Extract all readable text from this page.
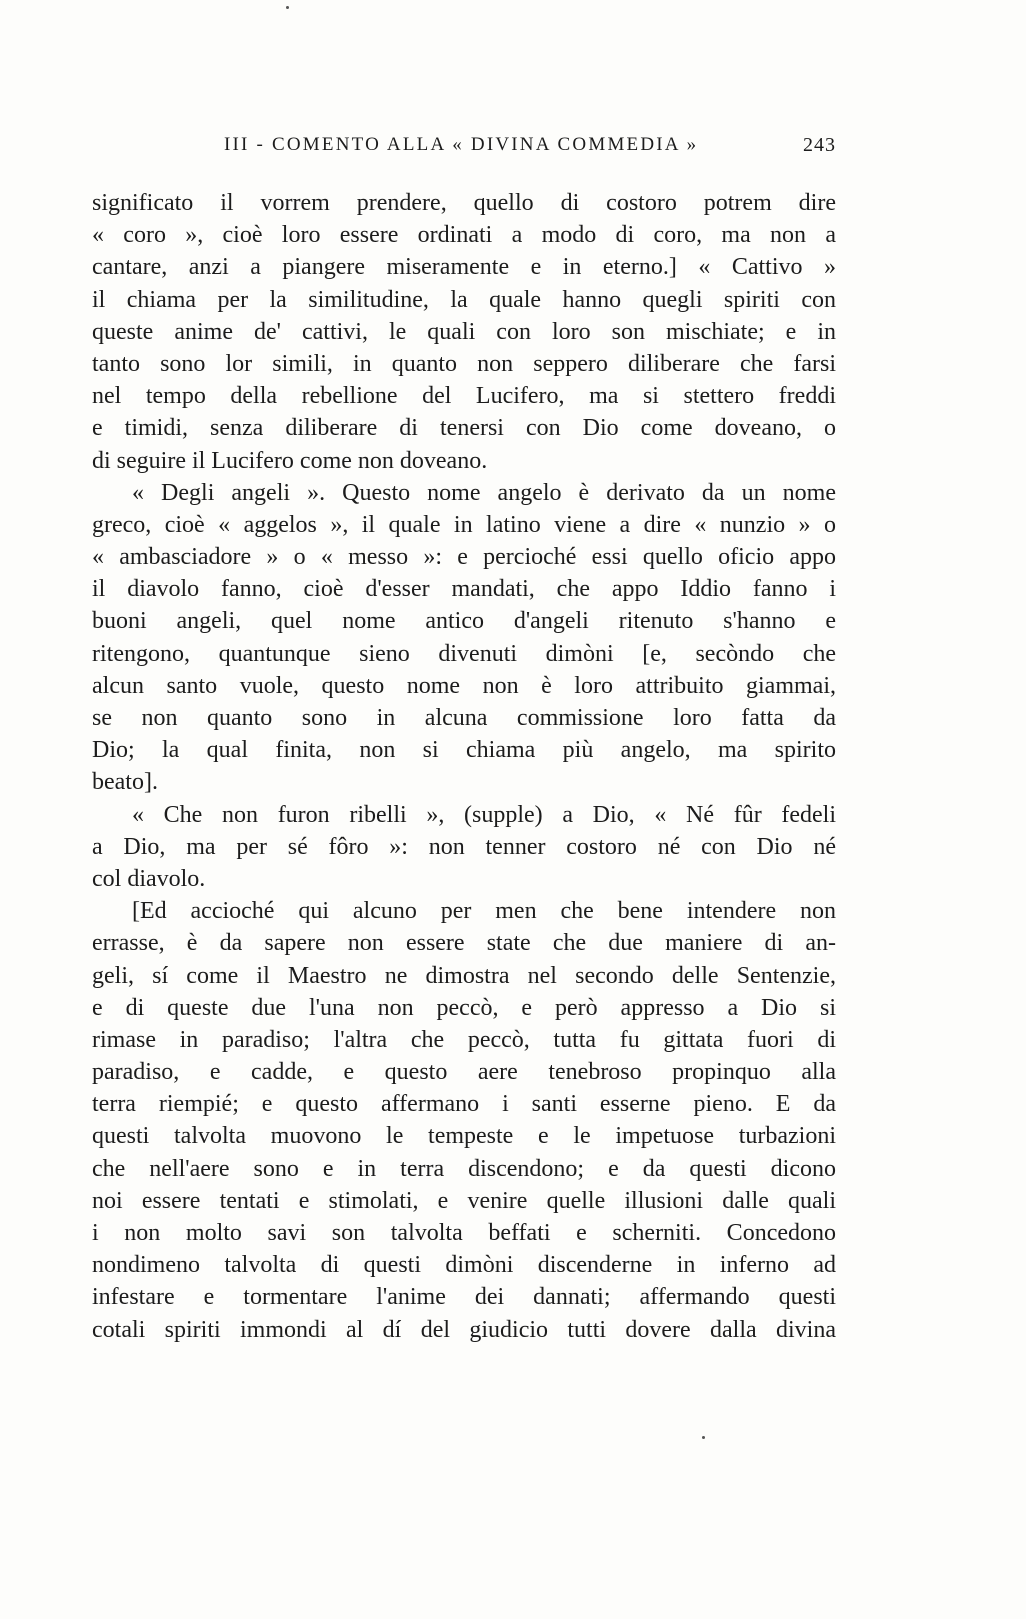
III - COMENTO ALLA « DIVINA COMMEDIA »	243
significato il vorrem prendere, quello di costoro potrem dire
« coro », cioè loro essere ordinati a modo di coro, ma non a
cantare, anzi a piangere miseramente e in eterno.] « Cattivo »
il chiama per la similitudine, la quale hanno quegli spiriti con
queste anime de' cattivi, le quali con loro son mischiate; e in
tanto sono lor simili, in quanto non seppero diliberare che farsi
nel tempo della rebellione del Lucifero, ma si stettero freddi
e timidi, senza diliberare di tenersi con Dio come doveano, o
di seguire il Lucifero come non doveano.
« Degli angeli ». Questo nome angelo è derivato da un nome
greco, cioè « aggelos », il quale in latino viene a dire « nunzio » o
« ambasciadore » o « messo »: e percioché essi quello oficio appo
il diavolo fanno, cioè d'esser mandati, che appo Iddio fanno i
buoni angeli, quel nome antico d'angeli ritenuto s'hanno e
ritengono, quantunque sieno divenuti dimòni [e, secòndo che
alcun santo vuole, questo nome non è loro attribuito giammai,
se non quanto sono in alcuna commissione loro fatta da
Dio; la qual finita, non si chiama più angelo, ma spirito
beato].
« Che non furon ribelli », (supple) a Dio, « Né fûr fedeli
a Dio, ma per sé fôro »: non tenner costoro né con Dio né
col diavolo.
[Ed accioché qui alcuno per men che bene intendere non
errasse, è da sapere non essere state che due maniere di an-
geli, sí come il Maestro ne dimostra nel secondo delle Sentenzie,
e di queste due l'una non peccò, e però appresso a Dio si
rimase in paradiso; l'altra che peccò, tutta fu gittata fuori di
paradiso, e cadde, e questo aere tenebroso propinquo alla
terra riempié; e questo affermano i santi esserne pieno. E da
questi talvolta muovono le tempeste e le impetuose turbazioni
che nell'aere sono e in terra discendono; e da questi dicono
noi essere tentati e stimolati, e venire quelle illusioni dalle quali
i non molto savi son talvolta beffati e scherniti. Concedono
nondimeno talvolta di questi dimòni discenderne in inferno ad
infestare e tormentare l'anime dei dannati; affermando questi
cotali spiriti immondi al dí del giudicio tutti dovere dalla divina
